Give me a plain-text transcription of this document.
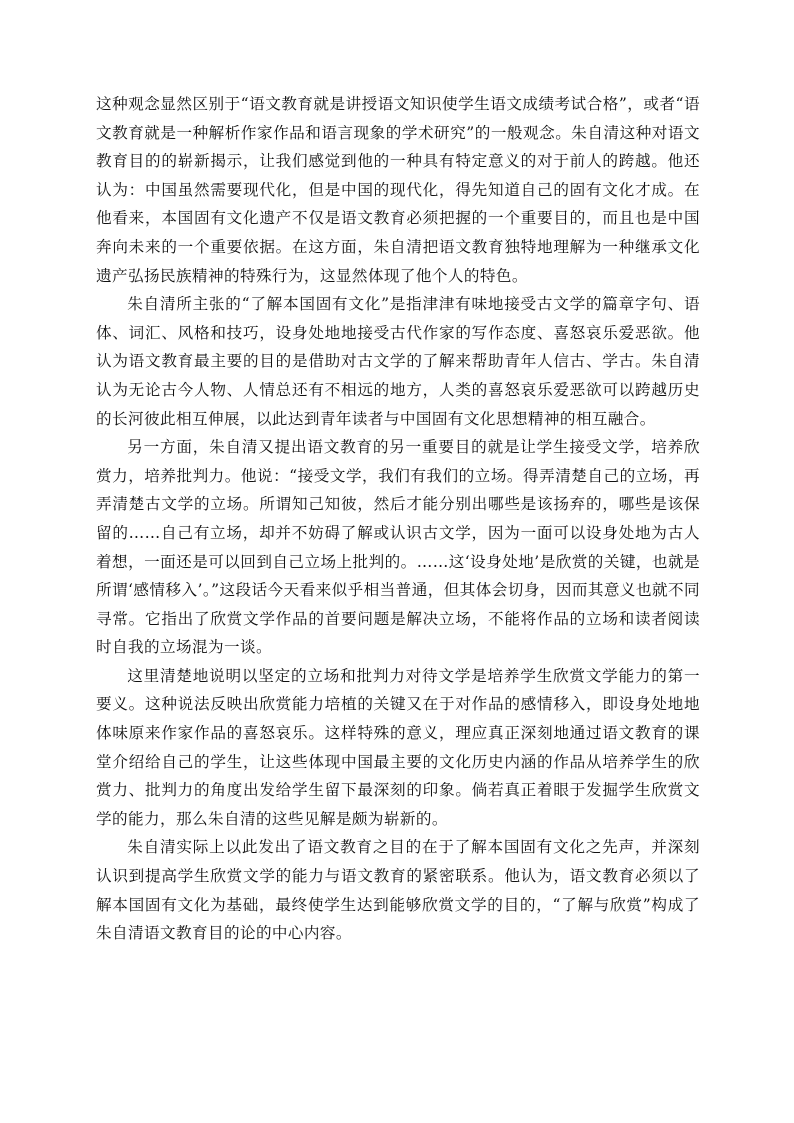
这种观念显然区别于“语文教育就是讲授语文知识使学生语文成绩考试合格”，或者“语文教育就是一种解析作家作品和语言现象的学术研究”的一般观念。朱自清这种对语文教育目的的崭新揭示，让我们感觉到他的一种具有特定意义的对于前人的跨越。他还认为：中国虽然需要现代化，但是中国的现代化，得先知道自己的固有文化才成。在他看来，本国固有文化遗产不仅是语文教育必须把握的一个重要目的，而且也是中国奔向未来的一个重要依据。在这方面，朱自清把语文教育独特地理解为一种继承文化遗产弘扬民族精神的特殊行为，这显然体现了他个人的特色。

朱自清所主张的“了解本国固有文化”是指津津有味地接受古文学的篇章字句、语体、词汇、风格和技巧，设身处地地接受古代作家的写作态度、喜怒哀乐爱恶欲。他认为语文教育最主要的目的是借助对古文学的了解来帮助青年人信古、学古。朱自清认为无论古今人物、人情总还有不相远的地方，人类的喜怒哀乐爱恶欲可以跨越历史的长河彼此相互伸展，以此达到青年读者与中国固有文化思想精神的相互融合。

另一方面，朱自清又提出语文教育的另一重要目的就是让学生接受文学，培养欣赏力，培养批判力。他说：“接受文学，我们有我们的立场。得弄清楚自己的立场，再弄清楚古文学的立场。所谓知己知彼，然后才能分别出哪些是该扬弃的，哪些是该保留的……自己有立场，却并不妨碍了解或认识古文学，因为一面可以设身处地为古人着想，一面还是可以回到自己立场上批判的。……这‘设身处地’是欣赏的关键，也就是所谓‘感情移入’。”这段话今天看来似乎相当普通，但其体会切身，因而其意义也就不同寻常。它指出了欣赏文学作品的首要问题是解决立场，不能将作品的立场和读者阅读时自我的立场混为一谈。

这里清楚地说明以坚定的立场和批判力对待文学是培养学生欣赏文学能力的第一要义。这种说法反映出欣赏能力培植的关键又在于对作品的感情移入，即设身处地地体味原来作家作品的喜怒哀乐。这样特殊的意义，理应真正深刻地通过语文教育的课堂介绍给自己的学生，让这些体现中国最主要的文化历史内涵的作品从培养学生的欣赏力、批判力的角度出发给学生留下最深刻的印象。倘若真正着眼于发掘学生欣赏文学的能力，那么朱自清的这些见解是颇为崭新的。

朱自清实际上以此发出了语文教育之目的在于了解本国固有文化之先声，并深刻认识到提高学生欣赏文学的能力与语文教育的紧密联系。他认为，语文教育必须以了解本国固有文化为基础，最终使学生达到能够欣赏文学的目的，“了解与欣赏”构成了朱自清语文教育目的论的中心内容。
